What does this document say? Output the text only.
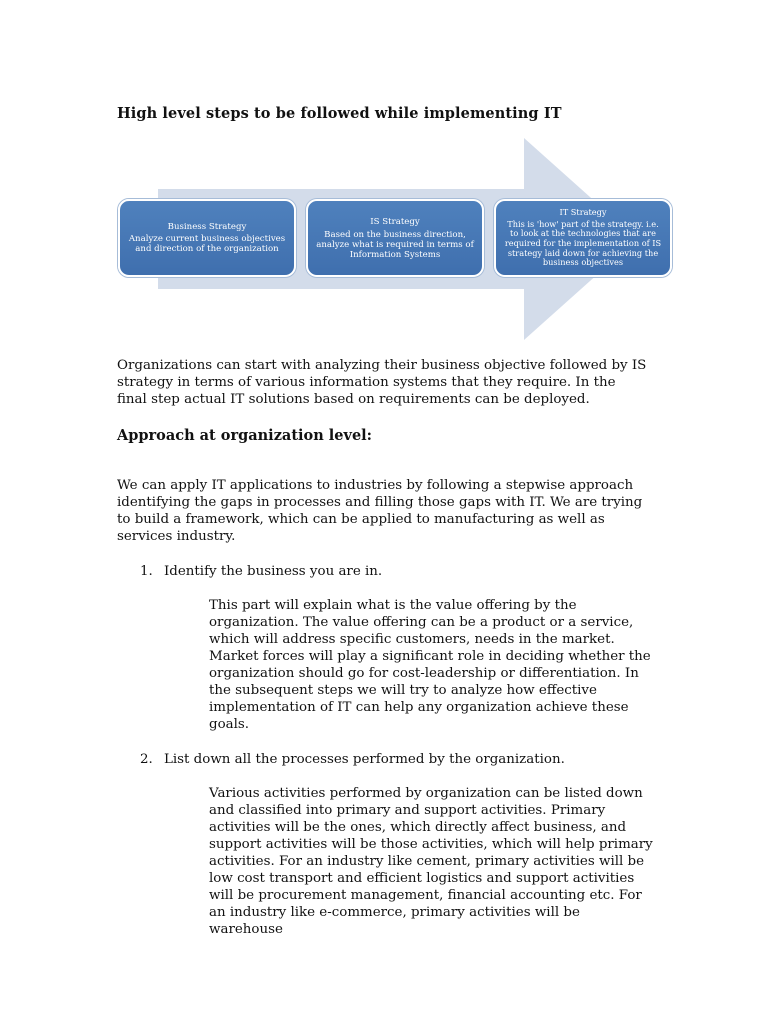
High level steps to be followed while implementing IT
Business Strategy
Analyze current business objectives and direction of the organization
IS Strategy
Based on the business direction, analyze what is required in terms of Information Systems
IT Strategy
This is 'how' part of the strategy. i.e. to look at the technologies that are required for the implementation of IS strategy laid down for achieving the business objectives

Organizations can start with analyzing their business objective followed by IS strategy in terms of various information systems that they require. In the final step actual IT solutions based on requirements can be deployed.

Approach at organization level:

We can apply IT applications to industries by following a stepwise approach identifying the gaps in processes and filling those gaps with IT. We are trying to build a framework, which can be applied to manufacturing as well as services industry.

1. Identify the business you are in.

This part will explain what is the value offering by the organization. The value offering can be a product or a service, which will address specific customers, needs in the market. Market forces will play a significant role in deciding whether the organization should go for cost-leadership or differentiation. In the subsequent steps we will try to analyze how effective implementation of IT can help any organization achieve these goals.

2. List down all the processes performed by the organization.

Various activities performed by organization can be listed down and classified into primary and support activities. Primary activities will be the ones, which directly affect business, and support activities will be those activities, which will help primary activities. For an industry like cement, primary activities will be low cost transport and efficient logistics and support activities will be procurement management, financial accounting etc. For an industry like e-commerce, primary activities will be warehouse
